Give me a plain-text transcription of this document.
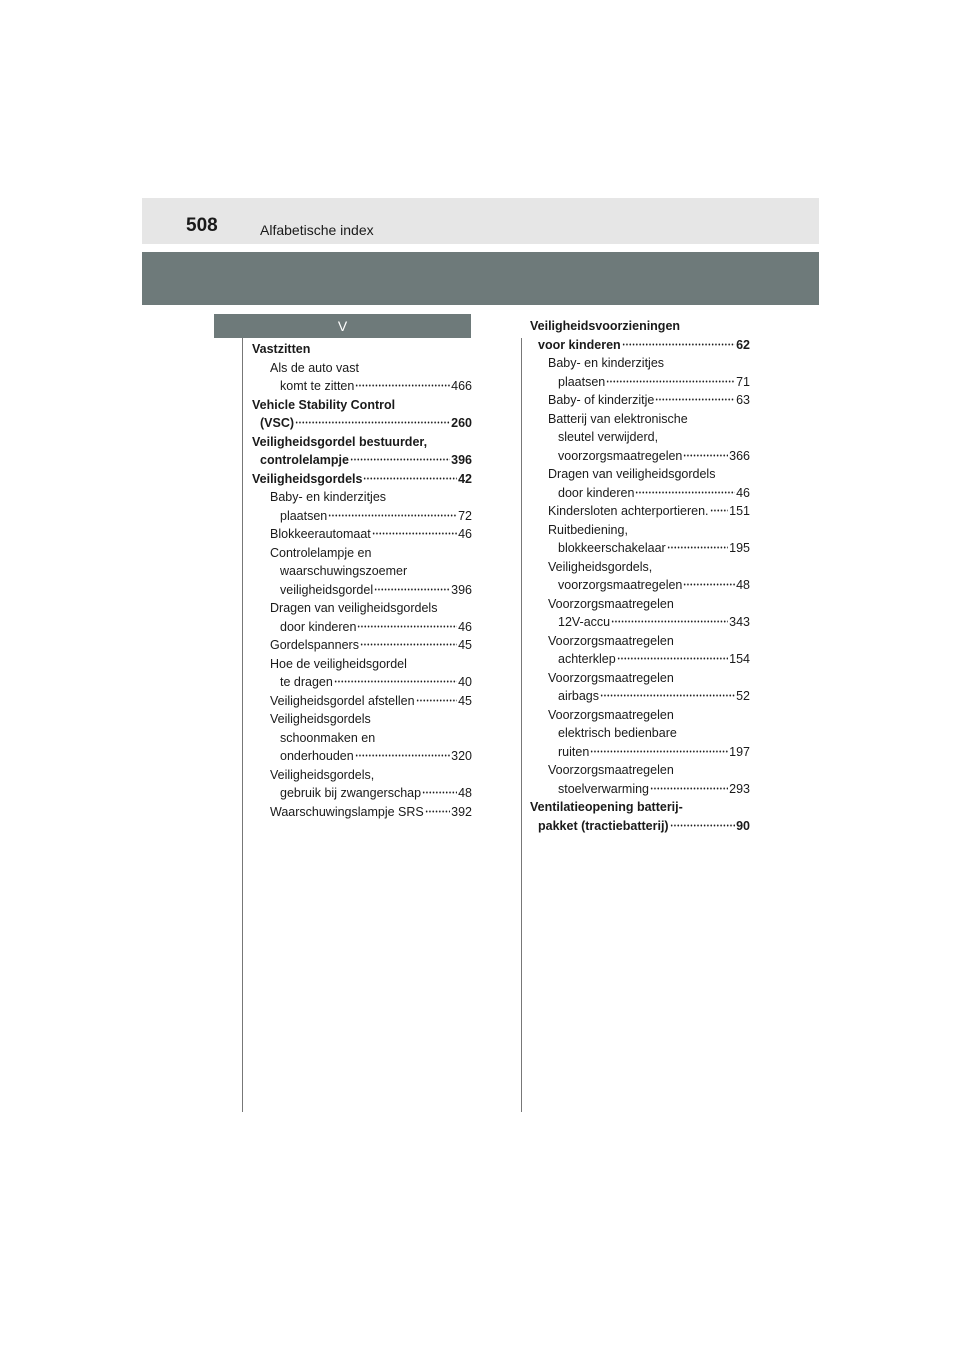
508	Alfabetische index
V
Vastzitten
Als de auto vast
komt te zitten	466
Vehicle Stability Control
(VSC)	260
Veiligheidsgordel bestuurder,
controlelampje	396
Veiligheidsgordels	42
Baby- en kinderzitjes
plaatsen	72
Blokkeerautomaat	46
Controlelampje en
waarschuwingszoemer
veiligheidsgordel	396
Dragen van veiligheidsgordels
door kinderen	46
Gordelspanners	45
Hoe de veiligheidsgordel
te dragen	40
Veiligheidsgordel afstellen	45
Veiligheidsgordels
schoonmaken en
onderhouden	320
Veiligheidsgordels,
gebruik bij zwangerschap	48
Waarschuwingslampje SRS 392
Veiligheidsvoorzieningen
voor kinderen	62
Baby- en kinderzitjes
plaatsen	71
Baby- of kinderzitje	63
Batterij van elektronische
sleutel verwijderd,
voorzorgsmaatregelen	366
Dragen van veiligheidsgordels
door kinderen	46
Kindersloten achterportieren. 151
Ruitbediening,
blokkeerschakelaar	195
Veiligheidsgordels,
voorzorgsmaatregelen	48
Voorzorgsmaatregelen
12V-accu	343
Voorzorgsmaatregelen
achterklep	154
Voorzorgsmaatregelen
airbags	52
Voorzorgsmaatregelen
elektrisch bedienbare
ruiten	197
Voorzorgsmaatregelen
stoelverwarming	293
Ventilatieopening batterij-
pakket (tractiebatterij)	90
